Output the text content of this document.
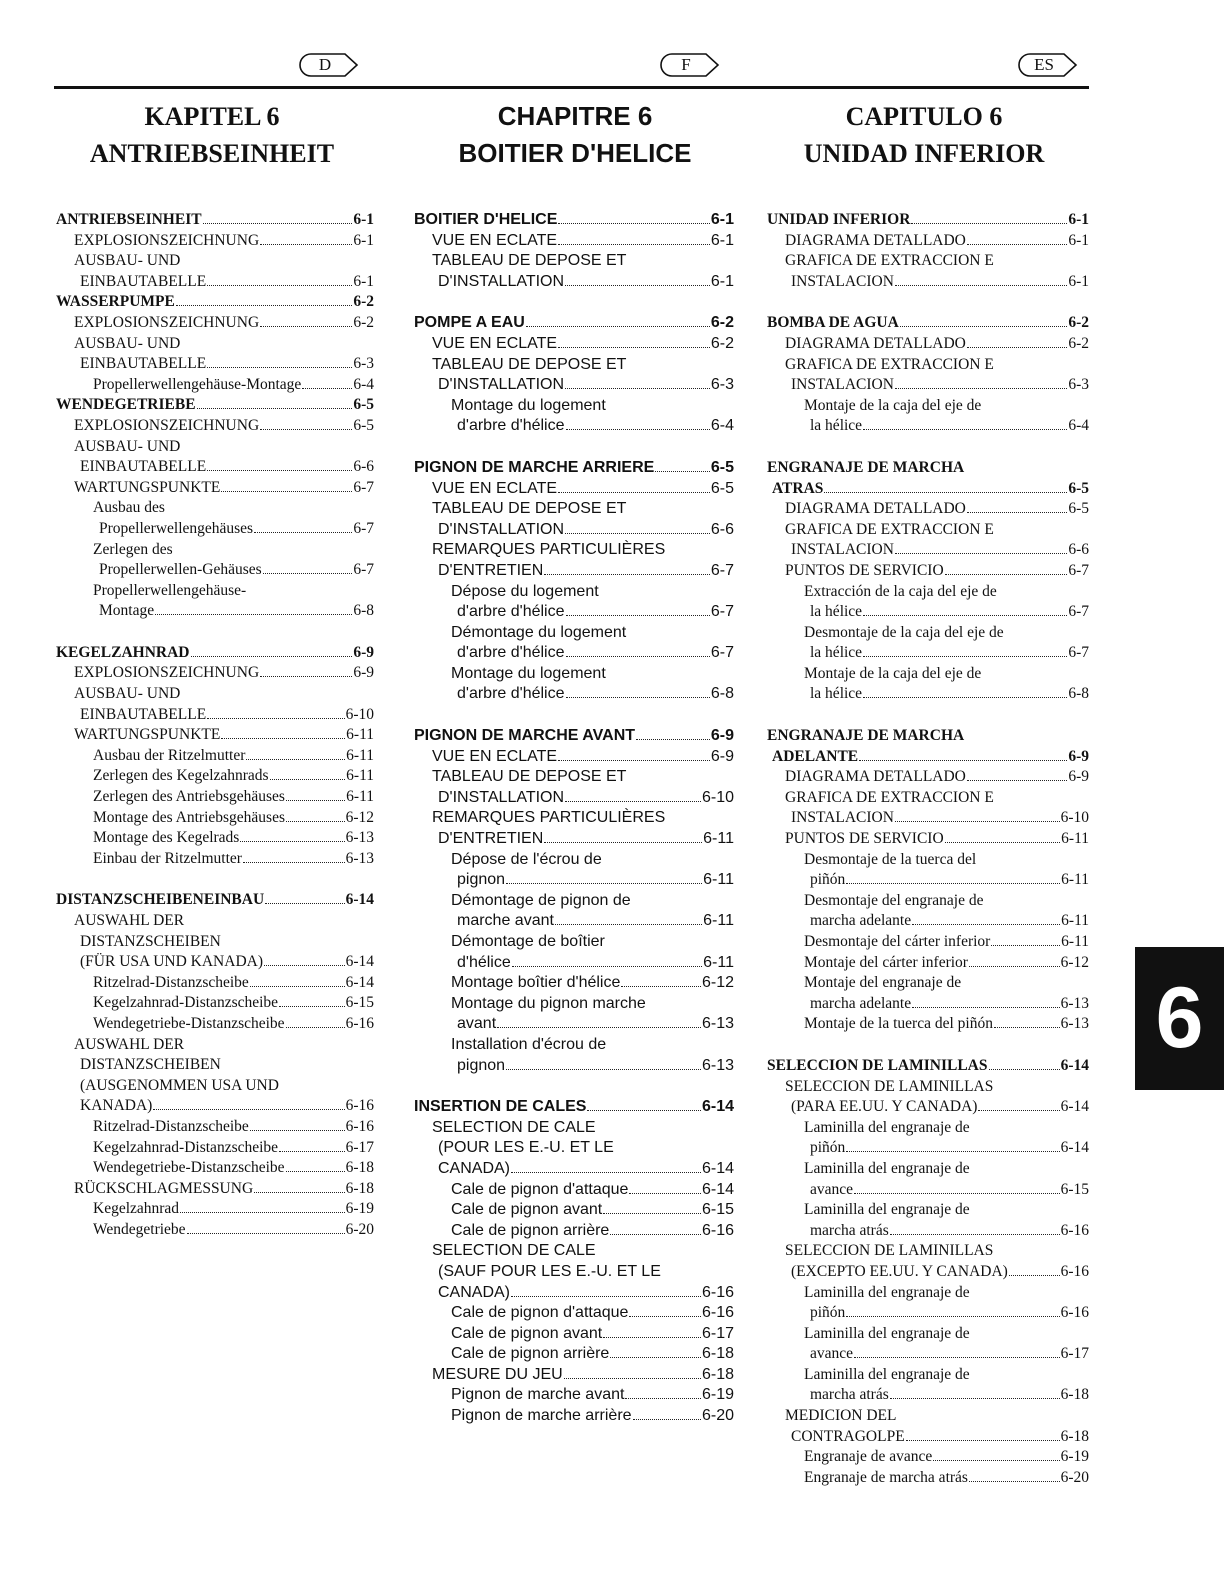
D	F	ES
KAPITEL 6
ANTRIEBSEINHEIT
CHAPITRE 6
BOITIER D'HELICE
CAPITULO 6
UNIDAD INFERIOR
ANTRIEBSEINHEIT	6-1
EXPLOSIONSZEICHNUNG	6-1
AUSBAU- UND
EINBAUTABELLE	6-1
WASSERPUMPE	6-2
EXPLOSIONSZEICHNUNG	6-2
AUSBAU- UND
EINBAUTABELLE	6-3
Propellerwellengehäuse-Montage	6-4
WENDEGETRIEBE	6-5
EXPLOSIONSZEICHNUNG	6-5
AUSBAU- UND
EINBAUTABELLE	6-6
WARTUNGSPUNKTE	6-7
Ausbau des
Propellerwellengehäuses	6-7
Zerlegen des
Propellerwellen-Gehäuses	6-7
Propellerwellengehäuse-
Montage	6-8
KEGELZAHNRAD	6-9
EXPLOSIONSZEICHNUNG	6-9
AUSBAU- UND
EINBAUTABELLE	6-10
WARTUNGSPUNKTE	6-11
Ausbau der Ritzelmutter	6-11
Zerlegen des Kegelzahnrads	6-11
Zerlegen des Antriebsgehäuses	6-11
Montage des Antriebsgehäuses	6-12
Montage des Kegelrads	6-13
Einbau der Ritzelmutter	6-13
DISTANZSCHEIBENEINBAU	6-14
AUSWAHL DER
DISTANZSCHEIBEN
(FÜR USA UND KANADA)	6-14
Ritzelrad-Distanzscheibe	6-14
Kegelzahnrad-Distanzscheibe	6-15
Wendegetriebe-Distanzscheibe	6-16
AUSWAHL DER
DISTANZSCHEIBEN
(AUSGENOMMEN USA UND
KANADA)	6-16
Ritzelrad-Distanzscheibe	6-16
Kegelzahnrad-Distanzscheibe	6-17
Wendegetriebe-Distanzscheibe	6-18
RÜCKSCHLAGMESSUNG	6-18
Kegelzahnrad	6-19
Wendegetriebe	6-20
BOITIER D'HELICE	6-1
VUE EN ECLATE	6-1
TABLEAU DE DEPOSE ET
D'INSTALLATION	6-1
POMPE A EAU	6-2
VUE EN ECLATE	6-2
TABLEAU DE DEPOSE ET
D'INSTALLATION	6-3
Montage du logement
d'arbre d'hélice	6-4
PIGNON DE MARCHE ARRIERE	6-5
VUE EN ECLATE	6-5
TABLEAU DE DEPOSE ET
D'INSTALLATION	6-6
REMARQUES PARTICULIÈRES
D'ENTRETIEN	6-7
Dépose du logement
d'arbre d'hélice	6-7
Démontage du logement
d'arbre d'hélice	6-7
Montage du logement
d'arbre d'hélice	6-8
PIGNON DE MARCHE AVANT	6-9
VUE EN ECLATE	6-9
TABLEAU DE DEPOSE ET
D'INSTALLATION	6-10
REMARQUES PARTICULIÈRES
D'ENTRETIEN	6-11
Dépose de l'écrou de
pignon	6-11
Démontage de pignon de
marche avant	6-11
Démontage de boîtier
d'hélice	6-11
Montage boîtier d'hélice	6-12
Montage du pignon marche
avant	6-13
Installation d'écrou de
pignon	6-13
INSERTION DE CALES	6-14
SELECTION DE CALE
(POUR LES E.-U. ET LE
CANADA)	6-14
Cale de pignon d'attaque	6-14
Cale de pignon avant	6-15
Cale de pignon arrière	6-16
SELECTION DE CALE
(SAUF POUR LES E.-U. ET LE
CANADA)	6-16
Cale de pignon d'attaque	6-16
Cale de pignon avant	6-17
Cale de pignon arrière	6-18
MESURE DU JEU	6-18
Pignon de marche avant	6-19
Pignon de marche arrière	6-20
UNIDAD INFERIOR	6-1
DIAGRAMA DETALLADO	6-1
GRAFICA DE EXTRACCION E
INSTALACION	6-1
BOMBA DE AGUA	6-2
DIAGRAMA DETALLADO	6-2
GRAFICA DE EXTRACCION E
INSTALACION	6-3
Montaje de la caja del eje de
la hélice	6-4
ENGRANAJE DE MARCHA
ATRAS	6-5
DIAGRAMA DETALLADO	6-5
GRAFICA DE EXTRACCION E
INSTALACION	6-6
PUNTOS DE SERVICIO	6-7
Extracción de la caja del eje de
la hélice	6-7
Desmontaje de la caja del eje de
la hélice	6-7
Montaje de la caja del eje de
la hélice	6-8
ENGRANAJE DE MARCHA
ADELANTE	6-9
DIAGRAMA DETALLADO	6-9
GRAFICA DE EXTRACCION E
INSTALACION	6-10
PUNTOS DE SERVICIO	6-11
Desmontaje de la tuerca del
piñón	6-11
Desmontaje del engranaje de
marcha adelante	6-11
Desmontaje del cárter inferior	6-11
Montaje del cárter inferior	6-12
Montaje del engranaje de
marcha adelante	6-13
Montaje de la tuerca del piñón	6-13
SELECCION DE LAMINILLAS	6-14
SELECCION DE LAMINILLAS
(PARA EE.UU. Y CANADA)	6-14
Laminilla del engranaje de
piñón	6-14
Laminilla del engranaje de
avance	6-15
Laminilla del engranaje de
marcha atrás	6-16
SELECCION DE LAMINILLAS
(EXCEPTO EE.UU. Y CANADA)	6-16
Laminilla del engranaje de
piñón	6-16
Laminilla del engranaje de
avance	6-17
Laminilla del engranaje de
marcha atrás	6-18
MEDICION DEL
CONTRAGOLPE	6-18
Engranaje de avance	6-19
Engranaje de marcha atrás	6-20
6
